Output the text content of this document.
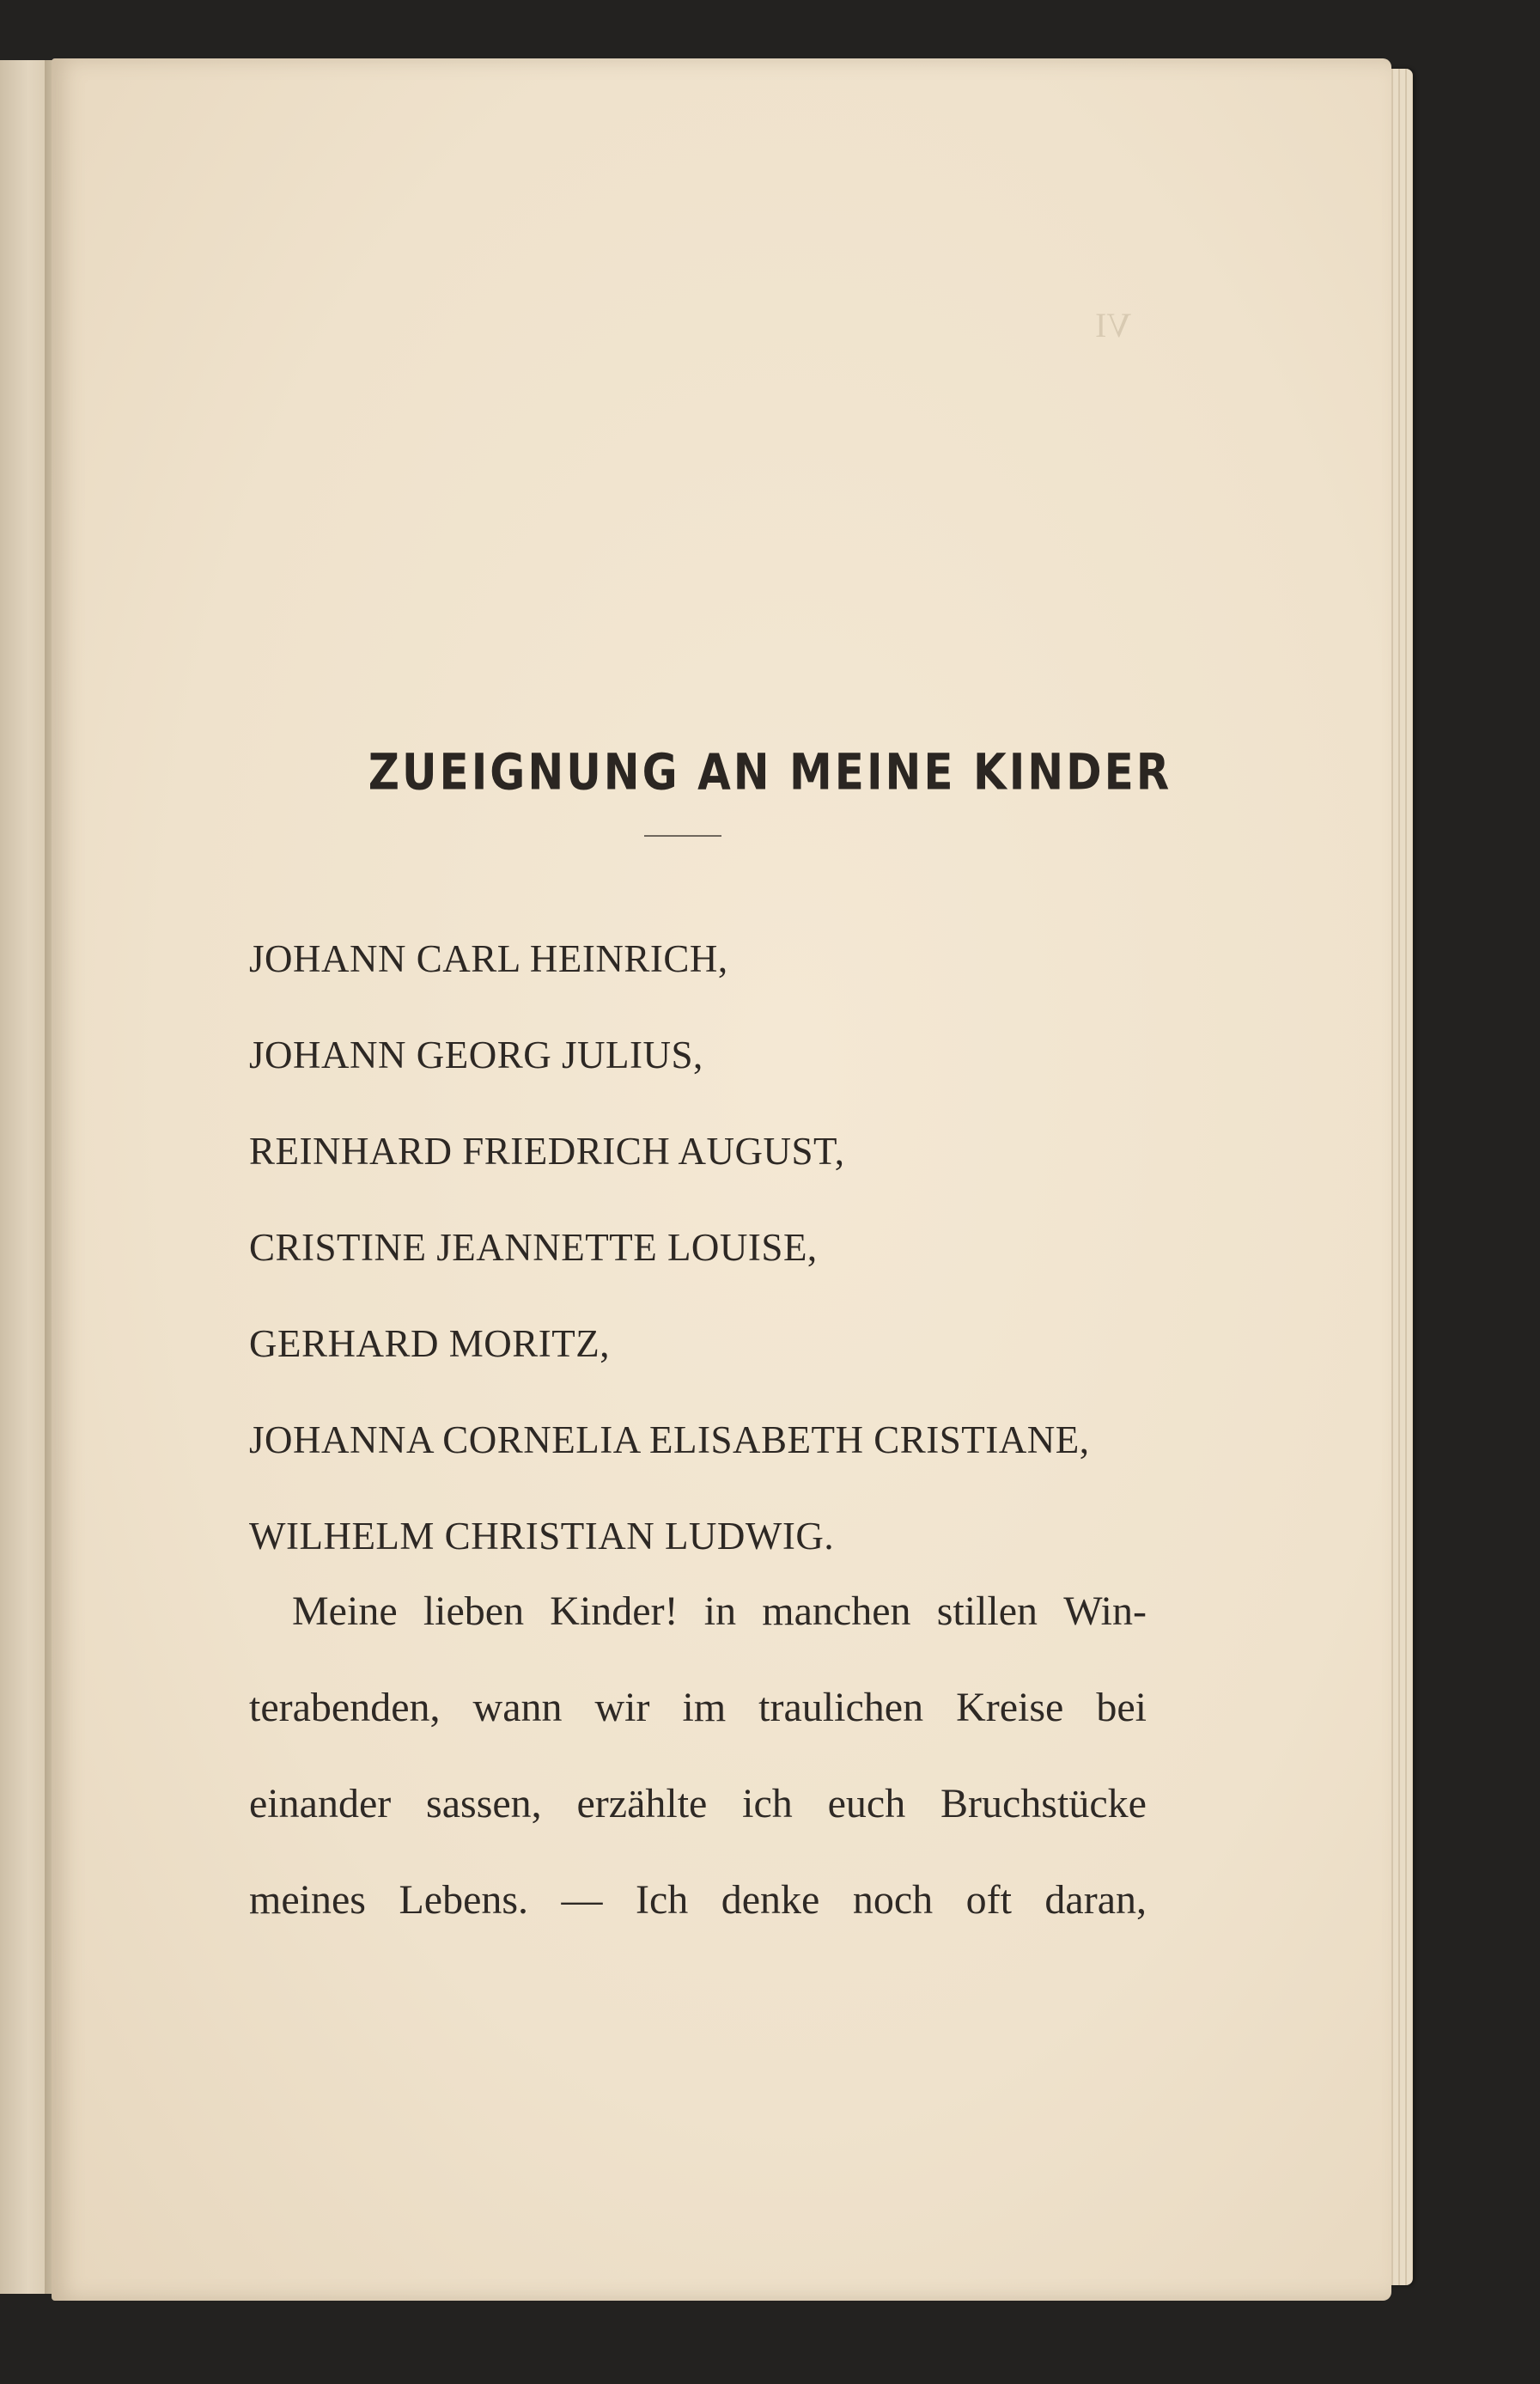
VI
ZUEIGNUNG AN MEINE KINDER
JOHANN CARL HEINRICH,
JOHANN GEORG JULIUS,
REINHARD FRIEDRICH AUGUST,
CRISTINE JEANNETTE LOUISE,
GERHARD MORITZ,
JOHANNA CORNELIA ELISABETH CRISTIANE,
WILHELM CHRISTIAN LUDWIG.
Meine lieben Kinder! in manchen stillen Win-
terabenden, wann wir im traulichen Kreise bei
einander sassen, erzählte ich euch Bruchstücke
meines Lebens. — Ich denke noch oft daran,
